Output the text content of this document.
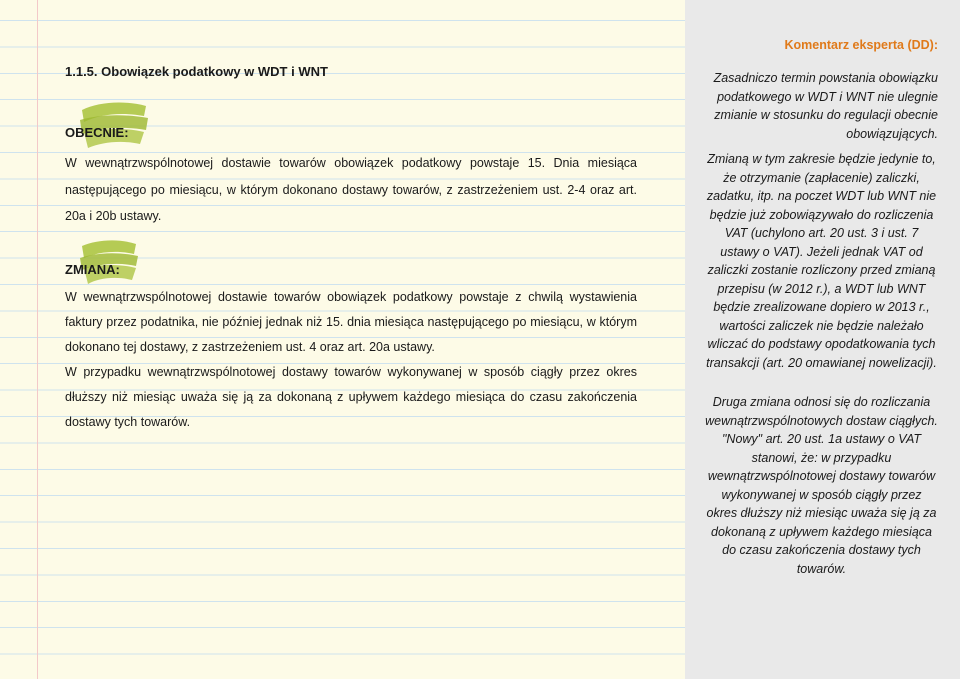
1.1.5. Obowiązek podatkowy w WDT i WNT
OBECNIE:

W wewnątrzwspólnotowej dostawie towarów obowiązek podatkowy powstaje 15. Dnia miesiąca następującego po miesiącu, w którym dokonano dostawy towarów, z zastrzeżeniem ust. 2-4 oraz art. 20a i 20b ustawy.

ZMIANA:

W wewnątrzwspólnotowej dostawie towarów obowiązek podatkowy powstaje z chwilą wystawienia faktury przez podatnika, nie później jednak niż 15. dnia miesiąca następującego po miesiącu, w którym dokonano tej dostawy, z zastrzeżeniem ust. 4 oraz art. 20a ustawy.

W przypadku wewnątrzwspólnotowej dostawy towarów wykonywanej w sposób ciągły przez okres dłuższy niż miesiąc uważa się ją za dokonaną z upływem każdego miesiąca do czasu zakończenia dostawy tych towarów.

Komentarz eksperta (DD):

Zasadniczo termin powstania obowiązku podatkowego w WDT i WNT nie ulegnie zmianie w stosunku do regulacji obecnie obowiązujących.

Zmianą w tym zakresie będzie jedynie to, że otrzymanie (zapłacenie) zaliczki, zadatku, itp. na poczet WDT lub WNT nie będzie już zobowiązywało do rozliczenia VAT (uchylono art. 20 ust. 3 i ust. 7 ustawy o VAT). Jeżeli jednak VAT od zaliczki zostanie rozliczony przed zmianą przepisu (w 2012 r.), a WDT lub WNT będzie zrealizowane dopiero w 2013 r., wartości zaliczek nie będzie należało wliczać do podstawy opodatkowania tych transakcji (art. 20 omawianej nowelizacji).

Druga zmiana odnosi się do rozliczania wewnątrzwspólnotowych dostaw ciągłych. "Nowy" art. 20 ust. 1a ustawy o VAT stanowi, że: w przypadku wewnątrzwspólnotowej dostawy towarów wykonywanej w sposób ciągły przez okres dłuższy niż miesiąc uważa się ją za dokonaną z upływem każdego miesiąca do czasu zakończenia dostawy tych towarów.
